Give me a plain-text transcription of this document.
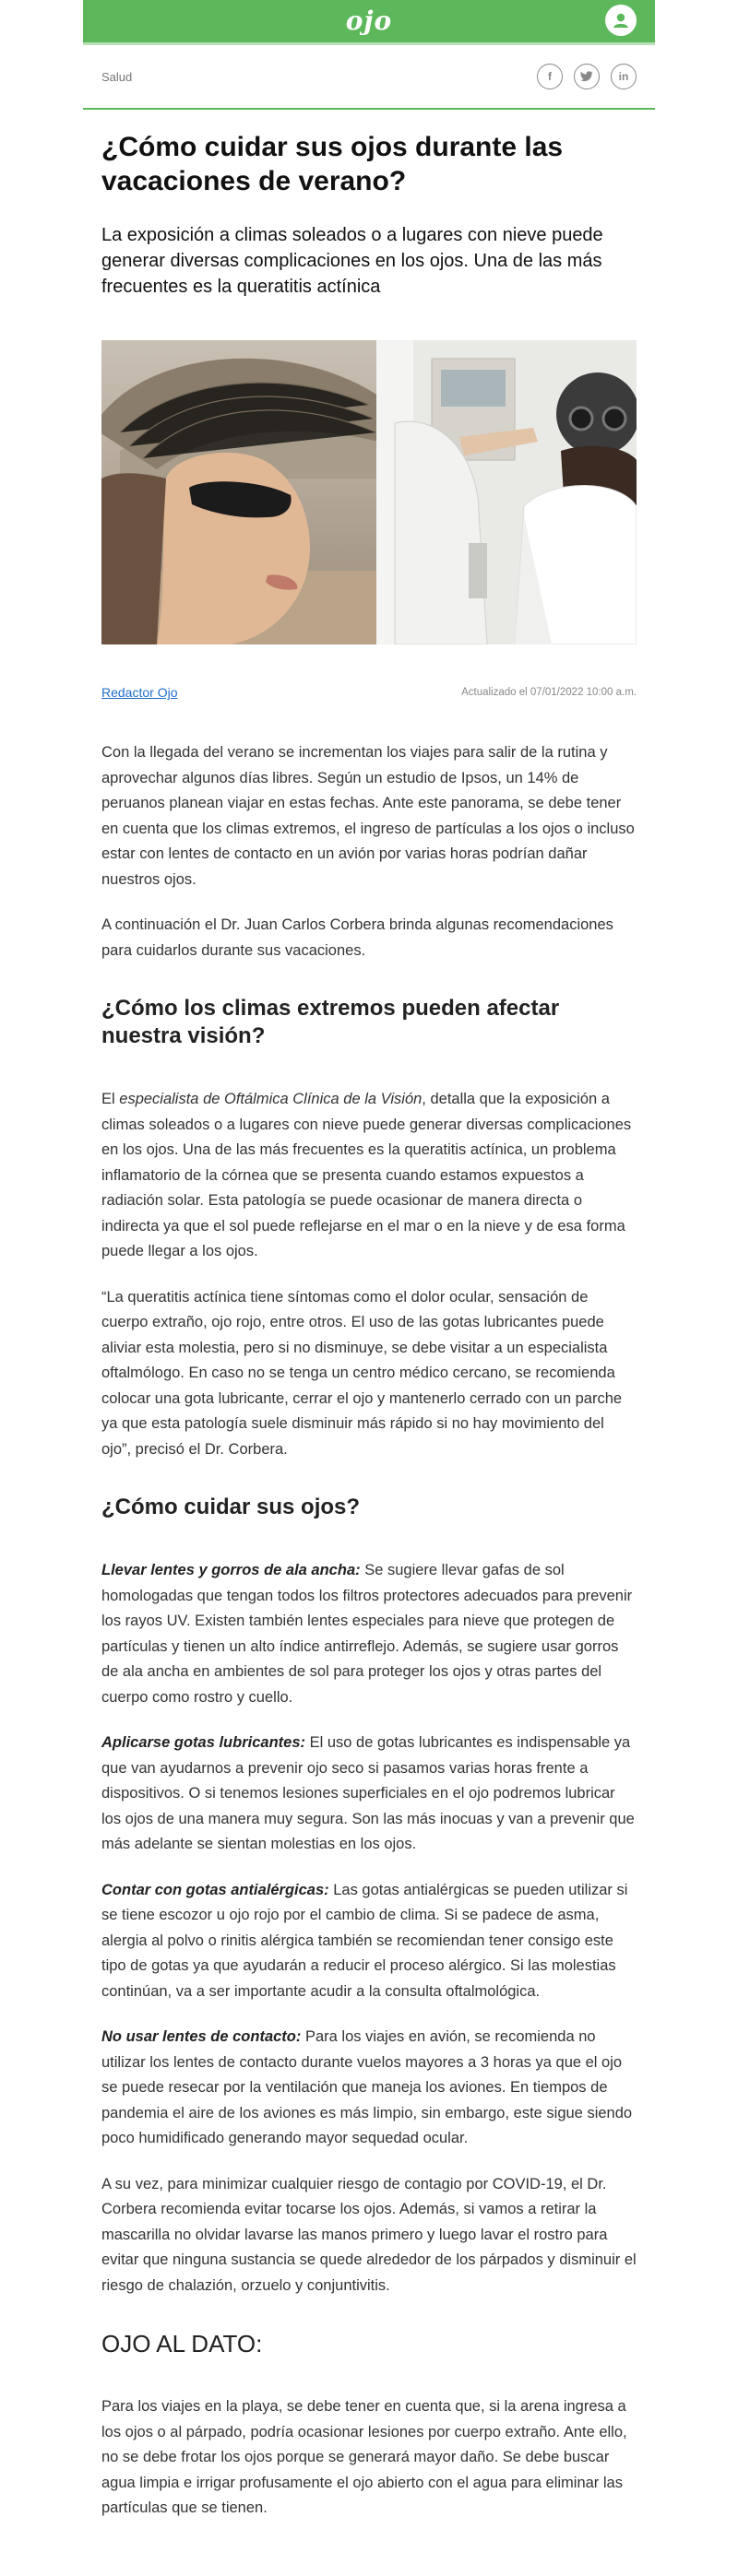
ojo
Salud	f	in
¿Cómo cuidar sus ojos durante las vacaciones de verano?

La exposición a climas soleados o a lugares con nieve puede generar diversas complicaciones en los ojos. Una de las más frecuentes es la queratitis actínica

Redactor Ojo	Actualizado el 07/01/2022 10:00 a.m.

Con la llegada del verano se incrementan los viajes para salir de la rutina y aprovechar algunos días libres. Según un estudio de Ipsos, un 14% de peruanos planean viajar en estas fechas. Ante este panorama, se debe tener en cuenta que los climas extremos, el ingreso de partículas a los ojos o incluso estar con lentes de contacto en un avión por varias horas podrían dañar nuestros ojos.

A continuación el Dr. Juan Carlos Corbera brinda algunas recomendaciones para cuidarlos durante sus vacaciones.

¿Cómo los climas extremos pueden afectar nuestra visión?

El especialista de Oftálmica Clínica de la Visión, detalla que la exposición a climas soleados o a lugares con nieve puede generar diversas complicaciones en los ojos. Una de las más frecuentes es la queratitis actínica, un problema inflamatorio de la córnea que se presenta cuando estamos expuestos a radiación solar. Esta patología se puede ocasionar de manera directa o indirecta ya que el sol puede reflejarse en el mar o en la nieve y de esa forma puede llegar a los ojos.

“La queratitis actínica tiene síntomas como el dolor ocular, sensación de cuerpo extraño, ojo rojo, entre otros. El uso de las gotas lubricantes puede aliviar esta molestia, pero si no disminuye, se debe visitar a un especialista oftalmólogo. En caso no se tenga un centro médico cercano, se recomienda colocar una gota lubricante, cerrar el ojo y mantenerlo cerrado con un parche ya que esta patología suele disminuir más rápido si no hay movimiento del ojo”, precisó el Dr. Corbera.

¿Cómo cuidar sus ojos?

Llevar lentes y gorros de ala ancha: Se sugiere llevar gafas de sol homologadas que tengan todos los filtros protectores adecuados para prevenir los rayos UV. Existen también lentes especiales para nieve que protegen de partículas y tienen un alto índice antirreflejo. Además, se sugiere usar gorros de ala ancha en ambientes de sol para proteger los ojos y otras partes del cuerpo como rostro y cuello.

Aplicarse gotas lubricantes: El uso de gotas lubricantes es indispensable ya que van ayudarnos a prevenir ojo seco si pasamos varias horas frente a dispositivos. O si tenemos lesiones superficiales en el ojo podremos lubricar los ojos de una manera muy segura. Son las más inocuas y van a prevenir que más adelante se sientan molestias en los ojos.

Contar con gotas antialérgicas: Las gotas antialérgicas se pueden utilizar si se tiene escozor u ojo rojo por el cambio de clima. Si se padece de asma, alergia al polvo o rinitis alérgica también se recomiendan tener consigo este tipo de gotas ya que ayudarán a reducir el proceso alérgico. Si las molestias continúan, va a ser importante acudir a la consulta oftalmológica.

No usar lentes de contacto: Para los viajes en avión, se recomienda no utilizar los lentes de contacto durante vuelos mayores a 3 horas ya que el ojo se puede resecar por la ventilación que maneja los aviones. En tiempos de pandemia el aire de los aviones es más limpio, sin embargo, este sigue siendo poco humidificado generando mayor sequedad ocular.

A su vez, para minimizar cualquier riesgo de contagio por COVID-19, el Dr. Corbera recomienda evitar tocarse los ojos. Además, si vamos a retirar la mascarilla no olvidar lavarse las manos primero y luego lavar el rostro para evitar que ninguna sustancia se quede alrededor de los párpados y disminuir el riesgo de chalazión, orzuelo y conjuntivitis.

OJO AL DATO:

Para los viajes en la playa, se debe tener en cuenta que, si la arena ingresa a los ojos o al párpado, podría ocasionar lesiones por cuerpo extraño. Ante ello, no se debe frotar los ojos porque se generará mayor daño. Se debe buscar agua limpia e irrigar profusamente el ojo abierto con el agua para eliminar las partículas que se tienen.
